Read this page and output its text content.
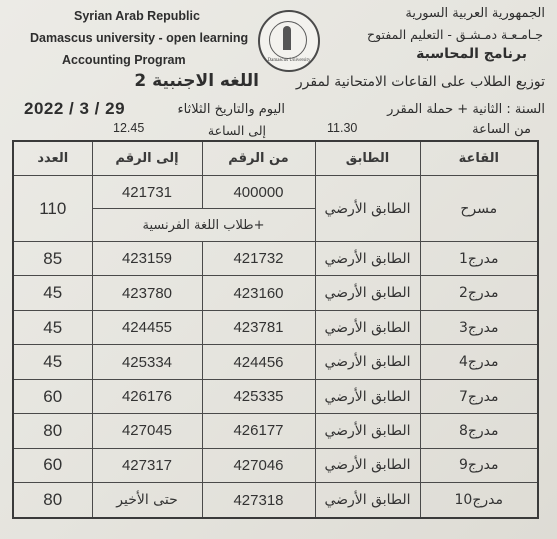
Syrian Arab Republic
Damascus university - open learning
Accounting Program	Damascus University
الجمهورية العربية السورية
جـامـعـة دمـشـق - التعليم المفتوح
برنامج المحاسبة
توزيع الطلاب على القاعات الامتحانية لمقرر
اللغه الاجنبية 2
السنة : الثانية + حملة المقرر
اليوم والتاريخ الثلاثاء
2022 / 3 / 29
من الساعة
11.30
إلى الساعة
12.45
القاعة	الطابق	من الرقم	إلى الرقم	العدد
مسرح	الطابق الأرضي	400000	421731	110
		+طلاب اللغة الفرنسية		
مدرج1	الطابق الأرضي	421732	423159	85
مدرج2	الطابق الأرضي	423160	423780	45
مدرج3	الطابق الأرضي	423781	424455	45
مدرج4	الطابق الأرضي	424456	425334	45
مدرج7	الطابق الأرضي	425335	426176	60
مدرج8	الطابق الأرضي	426177	427045	80
مدرج9	الطابق الأرضي	427046	427317	60
مدرج10	الطابق الأرضي	427318	حتى الأخير	80
